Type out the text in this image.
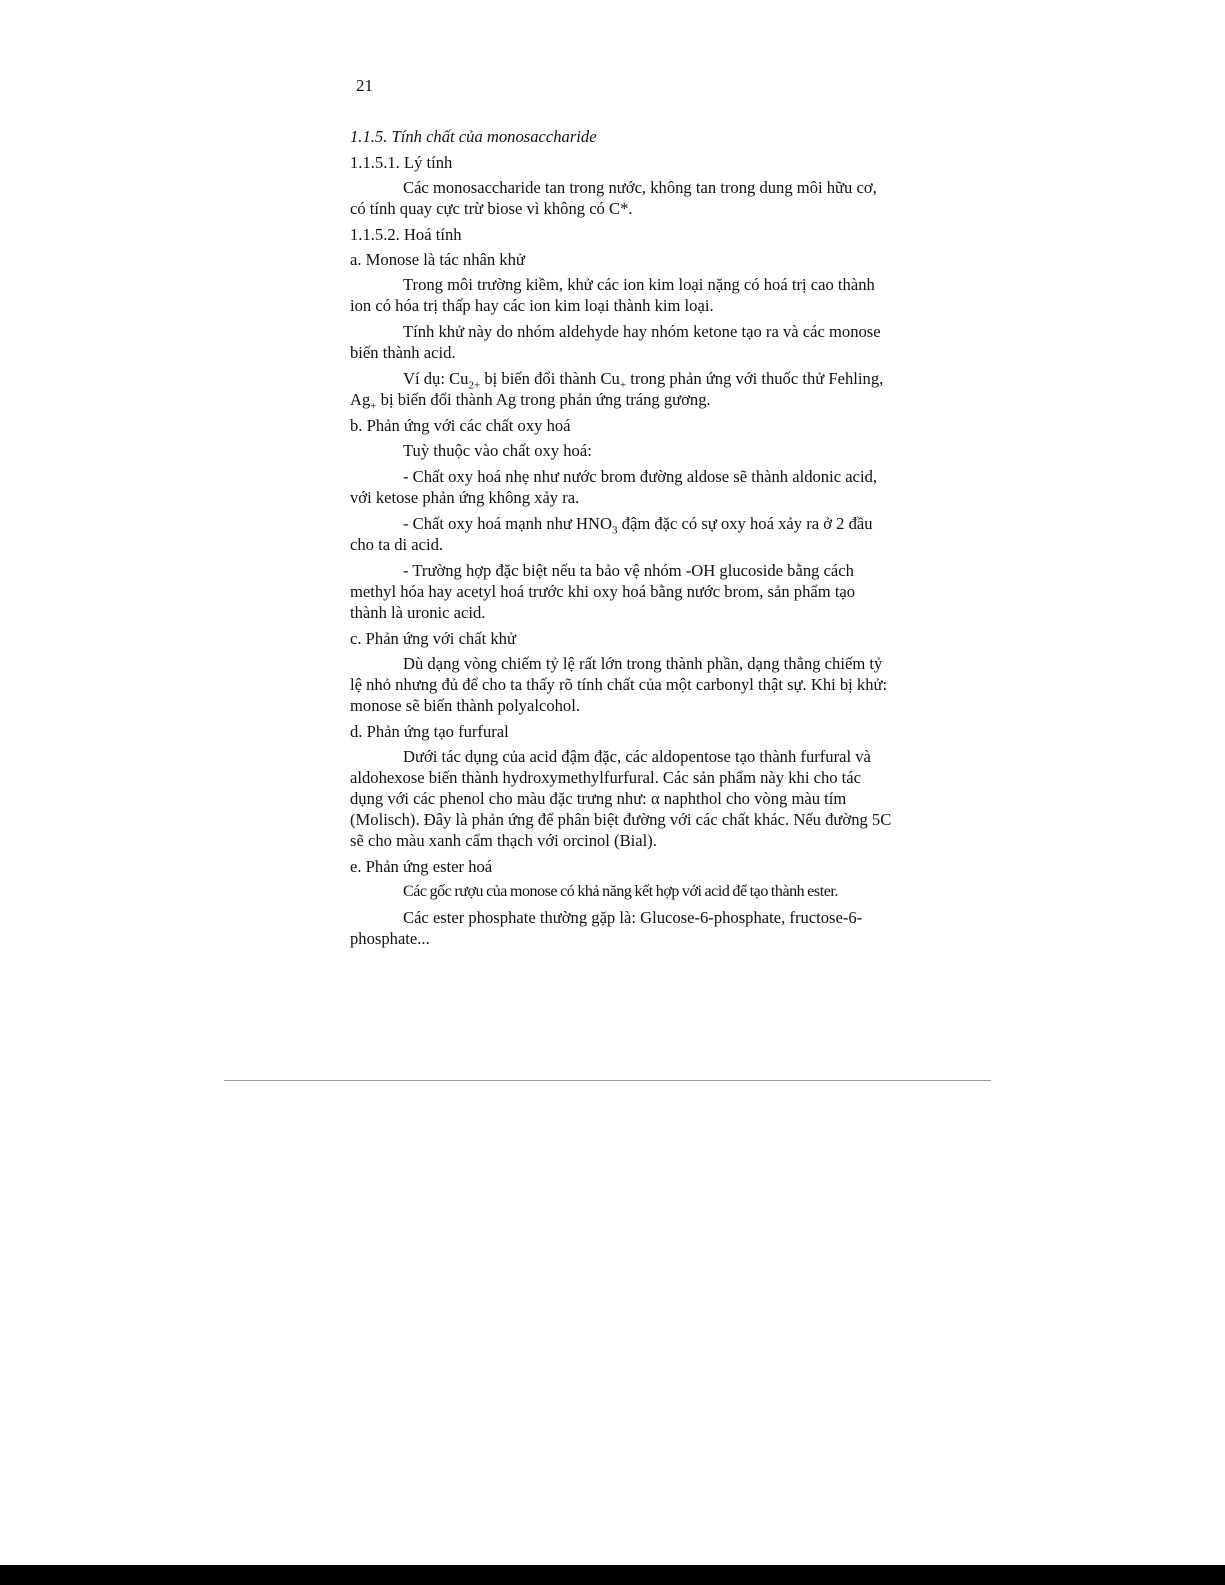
21
1.1.5. Tính chất của monosaccharide
1.1.5.1. Lý tính
Các monosaccharide tan trong nước, không tan trong dung môi hữu cơ, có tính quay cực trừ biose vì không có C*.
1.1.5.2. Hoá tính
a. Monose là tác nhân khử
Trong môi trường kiềm, khử các ion kim loại nặng có hoá trị cao thành ion có hóa trị thấp hay các ion kim loại thành kim loại.
Tính khử này do nhóm aldehyde hay nhóm ketone tạo ra và các monose biến thành acid.
Ví dụ: $Cu_{2+}$ bị biến đổi thành $Cu_+$ trong phản ứng với thuốc thử Fehling, $Ag_+$ bị biến đổi thành Ag trong phản ứng tráng gương.
b. Phản ứng với các chất oxy hoá
Tuỳ thuộc vào chất oxy hoá:
- Chất oxy hoá nhẹ như nước brom đường aldose sẽ thành aldonic acid, với ketose phản ứng không xảy ra.
- Chất oxy hoá mạnh như $HNO_3$ đậm đặc có sự oxy hoá xảy ra ở 2 đầu cho ta di acid.
- Trường hợp đặc biệt nếu ta bảo vệ nhóm -OH glucoside bằng cách methyl hóa hay acetyl hoá trước khi oxy hoá bằng nước brom, sản phẩm tạo thành là uronic acid.
c. Phản ứng với chất khử
Dù dạng vòng chiếm tỷ lệ rất lớn trong thành phần, dạng thẳng chiếm tỷ lệ nhỏ nhưng đủ để cho ta thấy rõ tính chất của một carbonyl thật sự. Khi bị khử: monose sẽ biến thành polyalcohol.
d. Phản ứng tạo furfural
Dưới tác dụng của acid đậm đặc, các aldopentose tạo thành furfural và aldohexose biến thành hydroxymethylfurfural. Các sản phẩm này khi cho tác dụng với các phenol cho màu đặc trưng như: α naphthol cho vòng màu tím (Molisch). Đây là phản ứng để phân biệt đường với các chất khác. Nếu đường 5C sẽ cho màu xanh cẩm thạch với orcinol (Bial).
e. Phản ứng ester hoá
Các gốc rượu của monose có khả năng kết hợp với acid để tạo thành ester.
Các ester phosphate thường gặp là: Glucose-6-phosphate, fructose-6-phosphate...
